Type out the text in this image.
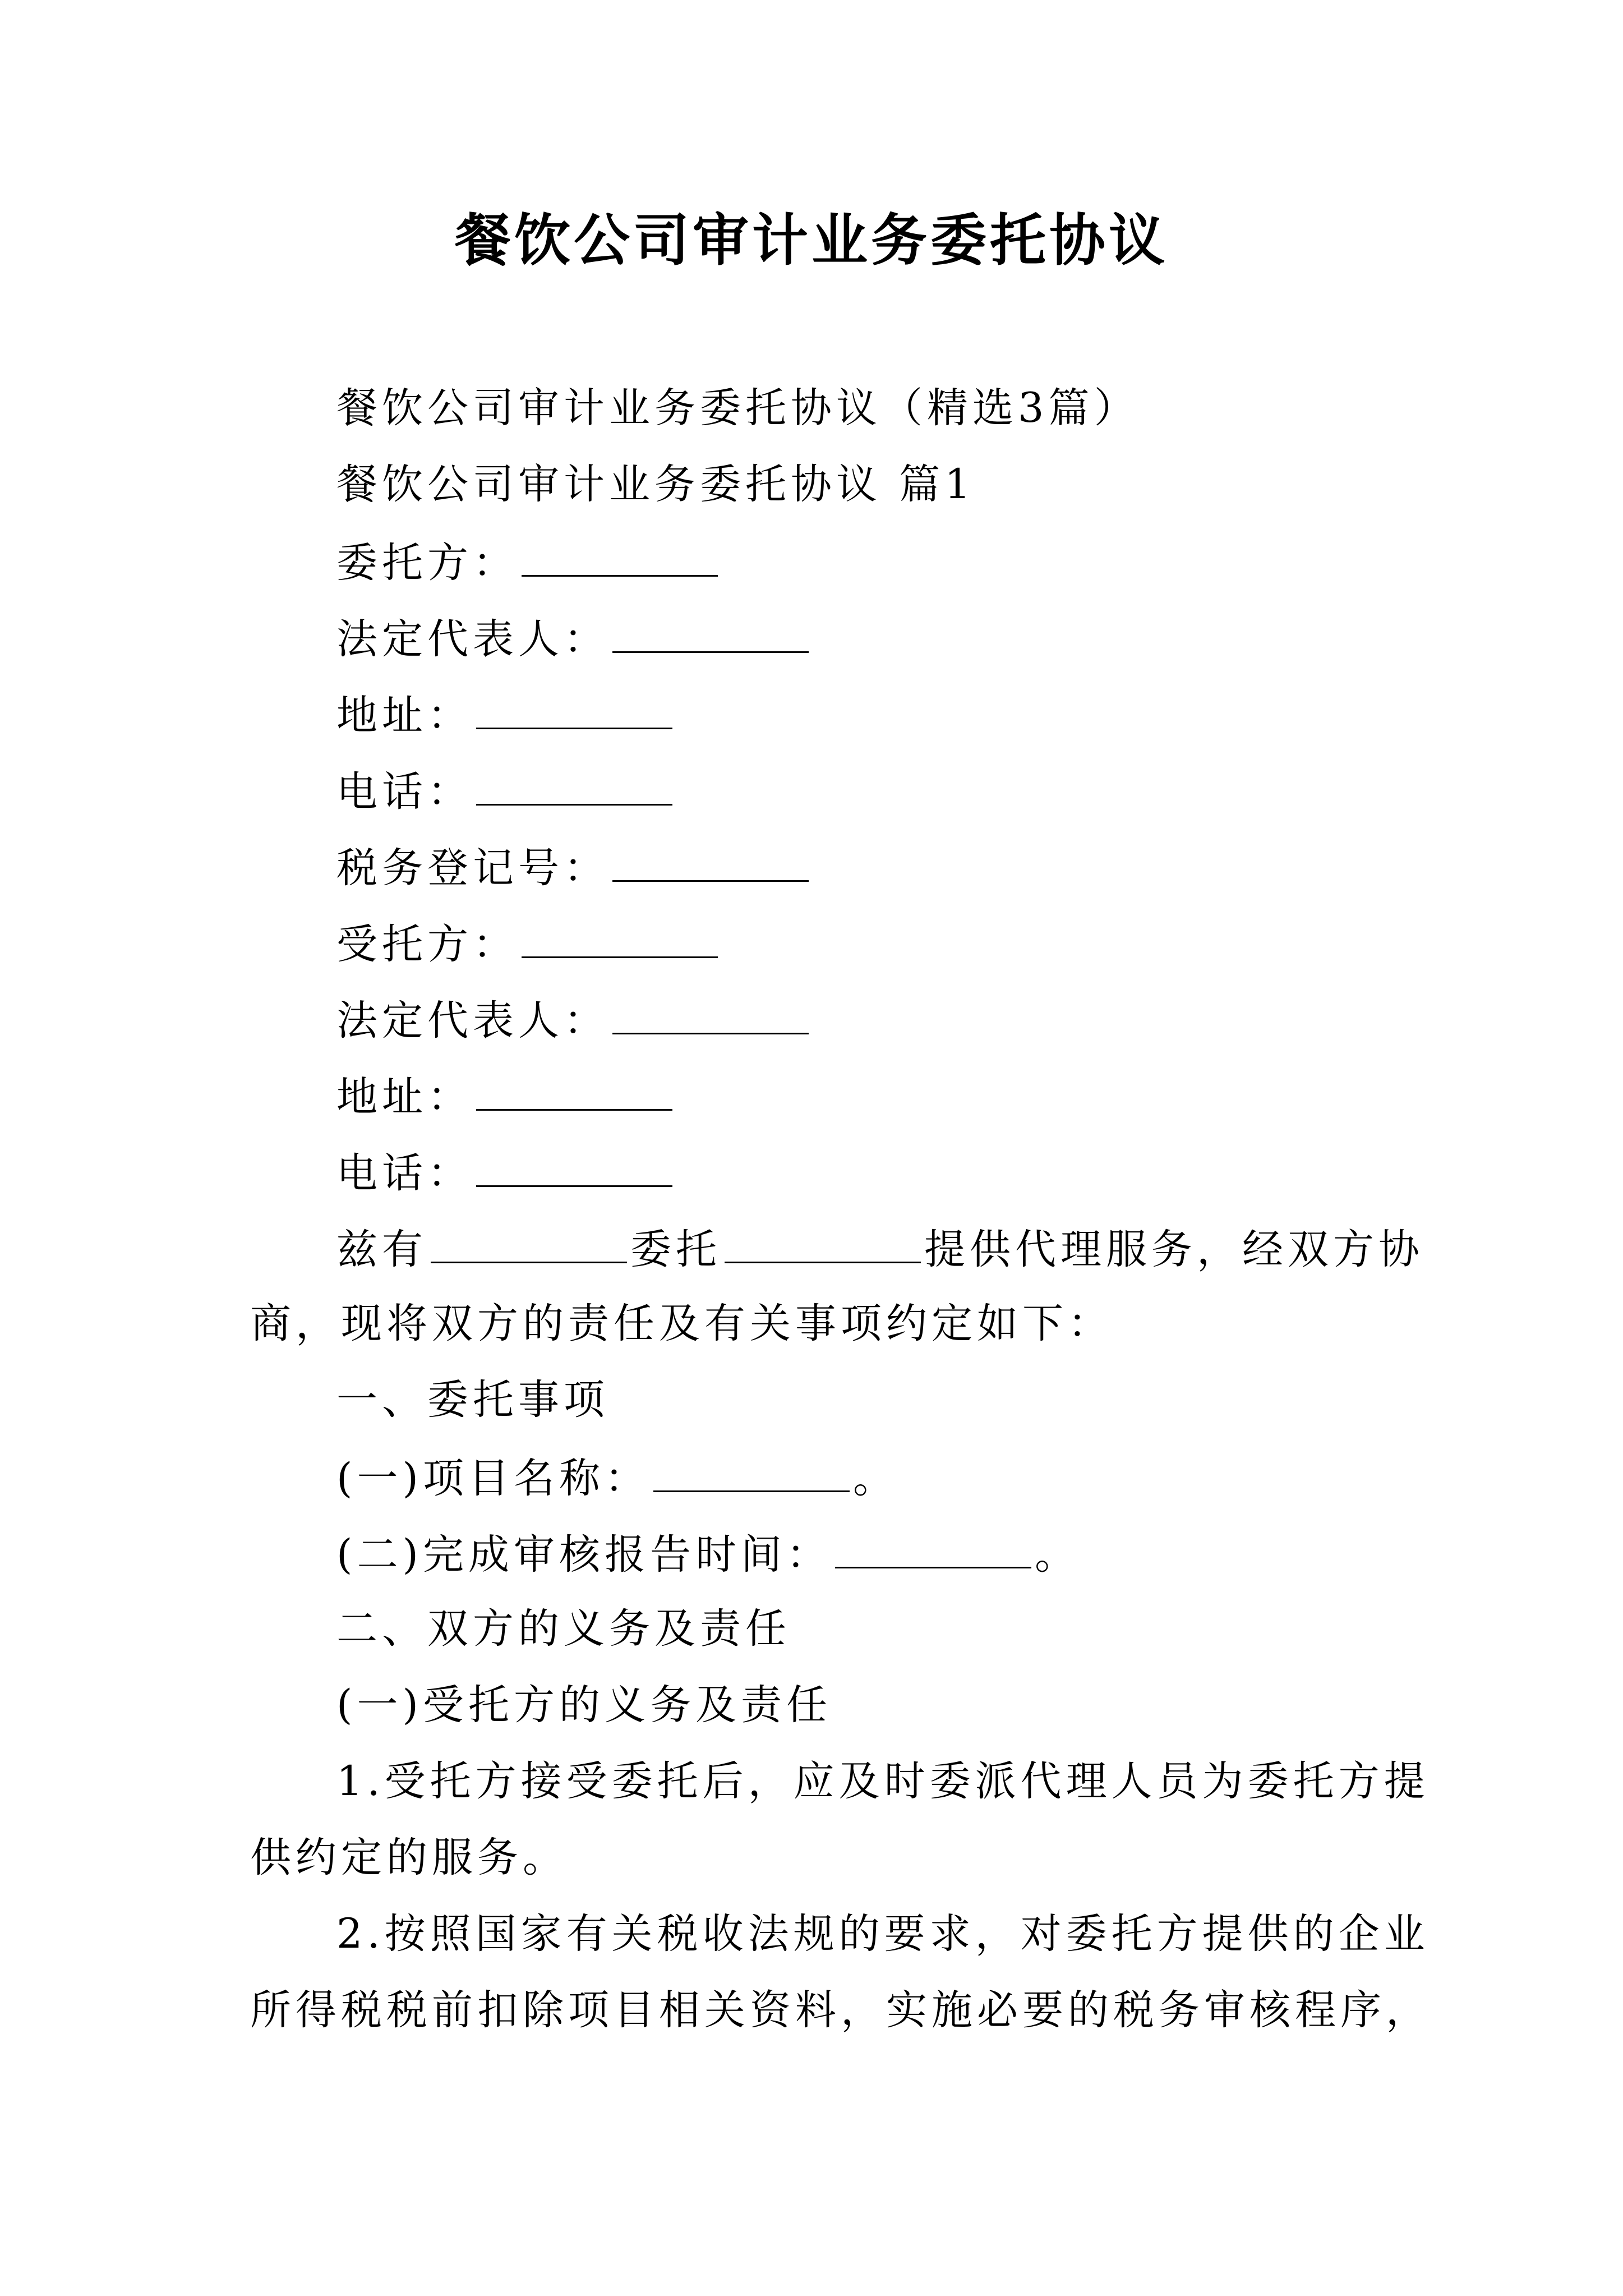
餐饮公司审计业务委托协议
餐饮公司审计业务委托协议（精选3篇）
餐饮公司审计业务委托协议 篇1
委托方：
法定代表人：
地址：
电话：
税务登记号：
受托方：
法定代表人：
地址：
电话：
兹有	委托	提供代理服务，经双方协
商，现将双方的责任及有关事项约定如下：
一、委托事项
(一)项目名称：	。
(二)完成审核报告时间：	。
二、双方的义务及责任
(一)受托方的义务及责任
1.受托方接受委托后，应及时委派代理人员为委托方提
供约定的服务。
2.按照国家有关税收法规的要求，对委托方提供的企业
所得税税前扣除项目相关资料，实施必要的税务审核程序，
